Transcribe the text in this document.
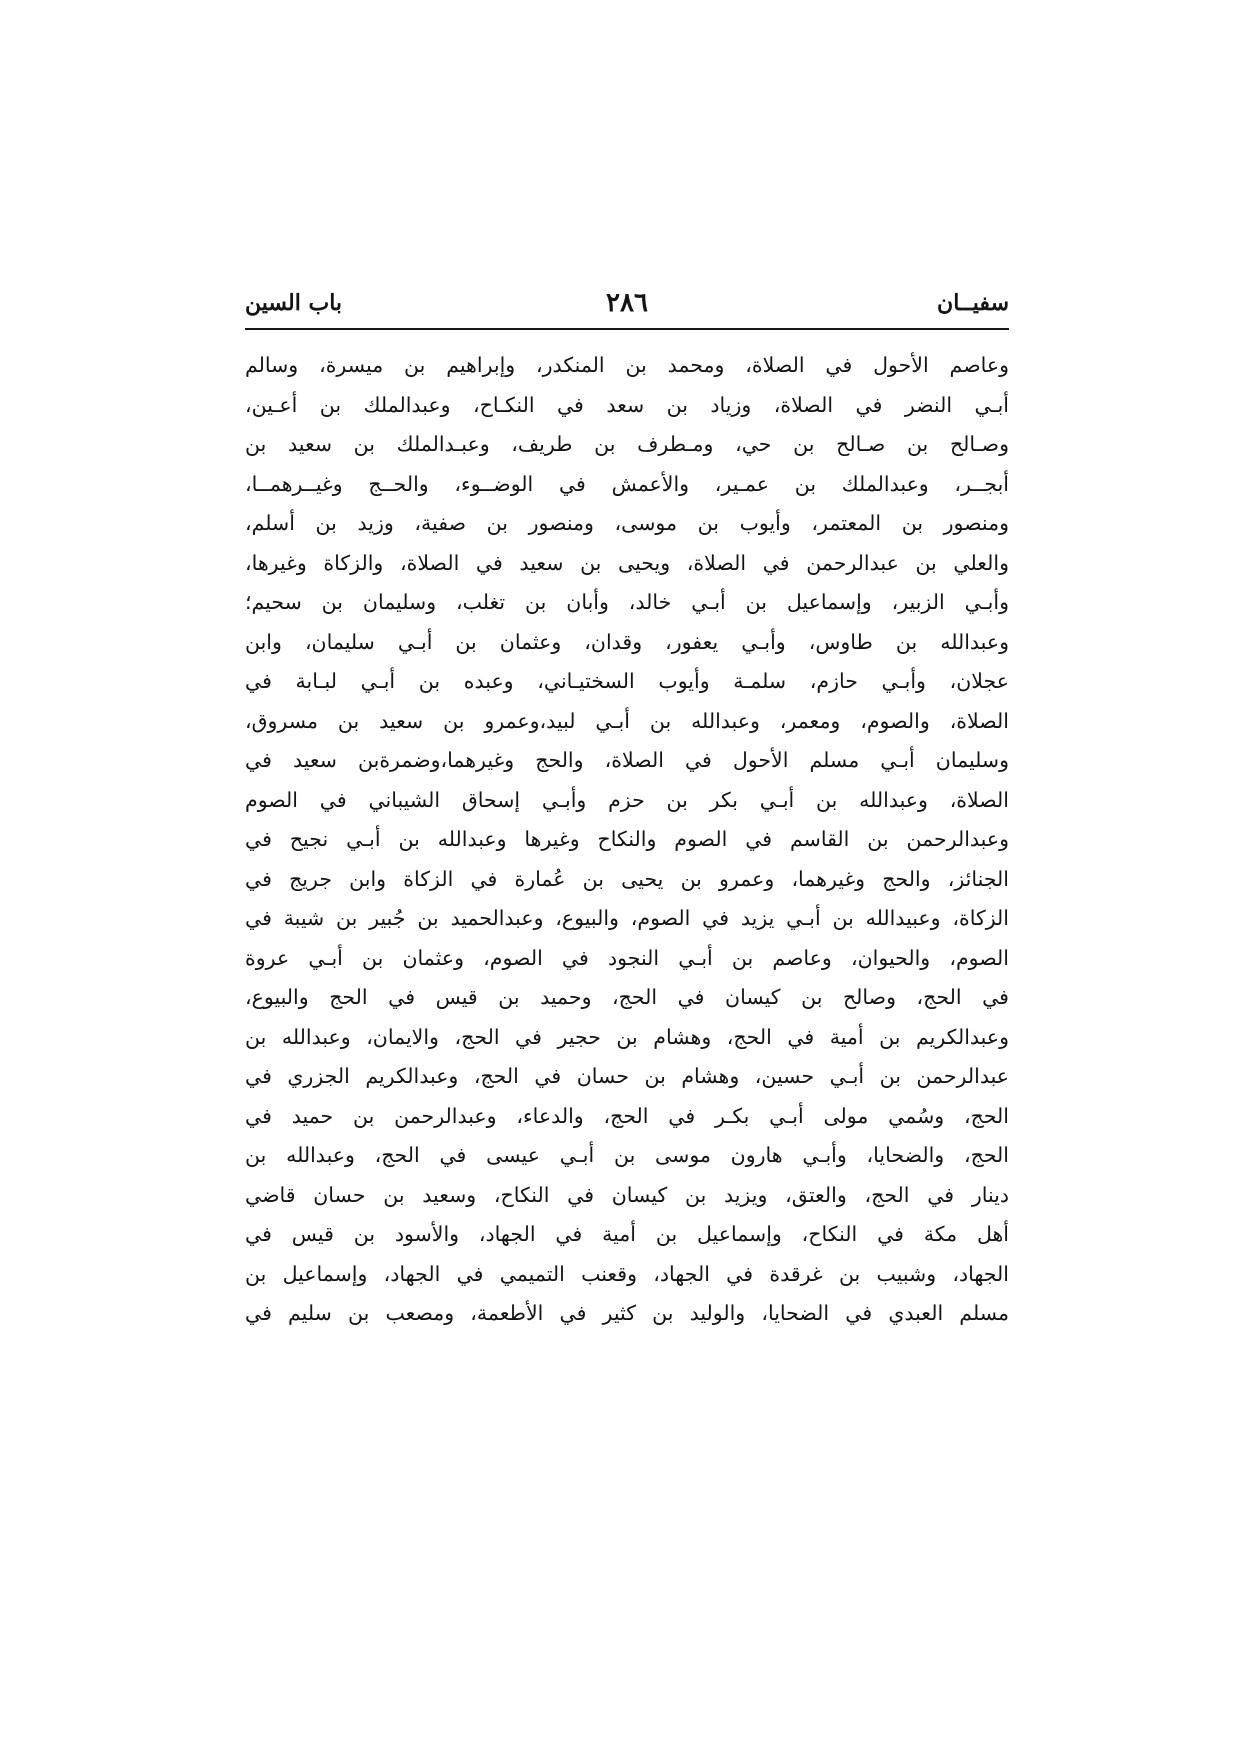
سفيــان
٢٨٦
باب السين
وعاصم الأحول في الصلاة، ومحمد بن المنكدر، وإبراهيم بن ميسرة، وسالم
أبـي النضر في الصلاة، وزياد بن سعد في النكـاح، وعبدالملك بن أعـين،
وصـالح بن صـالح بن حي، ومـطرف بن طريف، وعبـدالملك بن سعيد بن
أبجــر، وعبدالملك بن عمـير، والأعمش في الوضــوء، والحــج وغيــرهمــا،
ومنصور بن المعتمر، وأيوب بن موسى، ومنصور بن صفية، وزيد بن أسلم،
والعلي بن عبدالرحمن في الصلاة، ويحيى بن سعيد في الصلاة، والزكاة وغيرها،
وأبـي الزبير، وإسماعيل بن أبـي خالد، وأبان بن تغلب، وسليمان بن سحيم؛
وعبدالله بن طاوس، وأبـي يعفور، وقدان، وعثمان بن أبـي سليمان، وابن
عجلان، وأبـي حازم، سلمـة وأيوب السختيـاني، وعبده بن أبـي لبـابة في
الصلاة، والصوم، ومعمر، وعبدالله بن أبـي لبيد،وعمرو بن سعيد بن مسروق،
وسليمان أبـي مسلم الأحول في الصلاة، والحج وغيرهما،وضمرةبن سعيد في
الصلاة، وعبدالله بن أبـي بكر بن حزم وأبـي إسحاق الشيباني في الصوم
وعبدالرحمن بن القاسم في الصوم والنكاح وغيرها وعبدالله بن أبـي نجيح في
الجنائز، والحج وغيرهما، وعمرو بن يحيى بن عُمارة في الزكاة وابن جريج في
الزكاة، وعبيدالله بن أبـي يزيد في الصوم، والبيوع، وعبدالحميد بن جُبير بن شيبة في
الصوم، والحيوان، وعاصم بن أبـي النجود في الصوم، وعثمان بن أبـي عروة
في الحج، وصالح بن كيسان في الحج، وحميد بن قيس في الحج والبيوع،
وعبدالكريم بن أمية في الحج، وهشام بن حجير في الحج، والايمان، وعبدالله بن
عبدالرحمن بن أبـي حسين، وهشام بن حسان في الحج، وعبدالكريم الجزري في
الحج، وسُمي مولى أبـي بكـر في الحج، والدعاء، وعبدالرحمن بن حميد في
الحج، والضحايا، وأبـي هارون موسى بن أبـي عيسى في الحج، وعبدالله بن
دينار في الحج، والعتق، ويزيد بن كيسان في النكاح، وسعيد بن حسان قاضي
أهل مكة في النكاح، وإسماعيل بن أمية في الجهاد، والأسود بن قيس في
الجهاد، وشبيب بن غرقدة في الجهاد، وقعنب التميمي في الجهاد، وإسماعيل بن
مسلم العبدي في الضحايا، والوليد بن كثير في الأطعمة، ومصعب بن سليم في
